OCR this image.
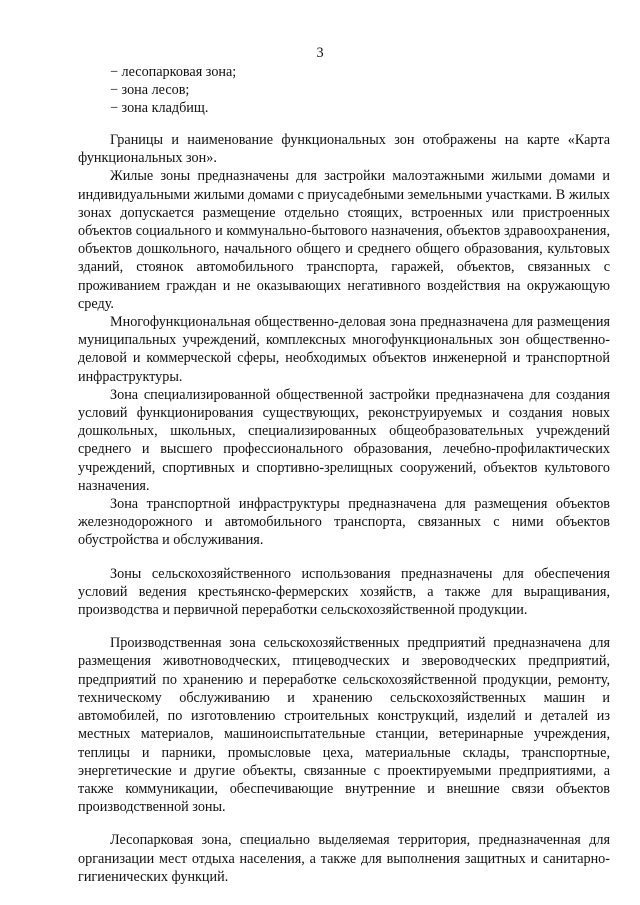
3
− лесопарковая зона;
− зона лесов;
− зона кладбищ.

Границы и наименование функциональных зон отображены на карте «Карта функциональных зон».

Жилые зоны предназначены для застройки малоэтажными жилыми домами и индивидуальными жилыми домами с приусадебными земельными участками. В жилых зонах допускается размещение отдельно стоящих, встроенных или пристроенных объектов социального и коммунально-бытового назначения, объектов здравоохранения, объектов дошкольного, начального общего и среднего общего образования, культовых зданий, стоянок автомобильного транспорта, гаражей, объектов, связанных с проживанием граждан и не оказывающих негативного воздействия на окружающую среду.

Многофункциональная общественно-деловая зона предназначена для размещения муниципальных учреждений, комплексных многофункциональных зон общественно-деловой и коммерческой сферы, необходимых объектов инженерной и транспортной инфраструктуры.

Зона специализированной общественной застройки предназначена для создания условий функционирования существующих, реконструируемых и создания новых дошкольных, школьных, специализированных общеобразовательных учреждений среднего и высшего профессионального образования, лечебно-профилактических учреждений, спортивных и спортивно-зрелищных сооружений, объектов культового назначения.

Зона транспортной инфраструктуры предназначена для размещения объектов железнодорожного и автомобильного транспорта, связанных с ними объектов обустройства и обслуживания.

Зоны сельскохозяйственного использования предназначены для обеспечения условий ведения крестьянско-фермерских хозяйств, а также для выращивания, производства и первичной переработки сельскохозяйственной продукции.

Производственная зона сельскохозяйственных предприятий предназначена для размещения животноводческих, птицеводческих и звероводческих предприятий, предприятий по хранению и переработке сельскохозяйственной продукции, ремонту, техническому обслуживанию и хранению сельскохозяйственных машин и автомобилей, по изготовлению строительных конструкций, изделий и деталей из местных материалов, машиноиспытательные станции, ветеринарные учреждения, теплицы и парники, промысловые цеха, материальные склады, транспортные, энергетические и другие объекты, связанные с проектируемыми предприятиями, а также коммуникации, обеспечивающие внутренние и внешние связи объектов производственной зоны.

Лесопарковая зона, специально выделяемая территория, предназначенная для организации мест отдыха населения, а также для выполнения защитных и санитарно-гигиенических функций.
